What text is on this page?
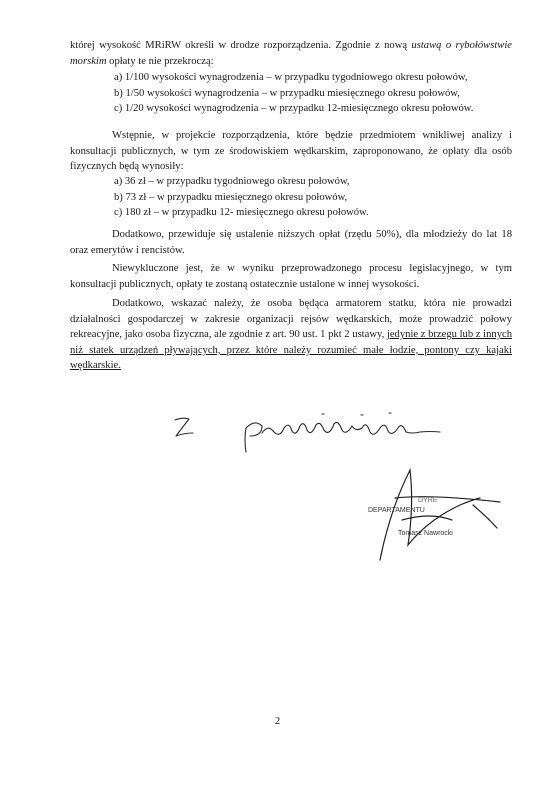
której wysokość MRiRW określi w drodze rozporządzenia. Zgodnie z nową ustawą o rybołówstwie morskim opłaty te nie przekroczą:
a) 1/100 wysokości wynagrodzenia – w przypadku tygodniowego okresu połowów,
b) 1/50 wysokości wynagrodzenia – w przypadku miesięcznego okresu połowów,
c) 1/20 wysokości wynagrodzenia – w przypadku 12-miesięcznego okresu połowów.
Wstępnie, w projekcie rozporządzenia, które będzie przedmiotem wnikliwej analizy i konsultacji publicznych, w tym ze środowiskiem wędkarskim, zaproponowano, że opłaty dla osób fizycznych będą wynosiły:
a) 36 zł – w przypadku tygodniowego okresu połowów,
b) 73 zł – w przypadku miesięcznego okresu połowów,
c) 180 zł – w przypadku 12- miesięcznego okresu połowów.
Dodatkowo, przewiduje się ustalenie niższych opłat (rzędu 50%), dla młodzieży do lat 18 oraz emerytów i rencistów.
Niewykluczone jest, że w wyniku przeprowadzonego procesu legislacyjnego, w tym konsultacji publicznych, opłaty te zostaną ostatecznie ustalone w innej wysokości.
Dodatkowo, wskazać należy, że osoba będąca armatorem statku, która nie prowadzi działalności gospodarczej w zakresie organizacji rejsów wędkarskich, może prowadzić połowy rekreacyjne, jako osoba fizyczna, ale zgodnie z art. 90 ust. 1 pkt 2 ustawy, jedynie z brzegu lub z innych niż statek urządzeń pływających, przez które należy rozumieć małe łodzie, pontony czy kajaki wędkarskie.
DYRE
DEPARTAMENTU
Tomasz Nawrocki
2
